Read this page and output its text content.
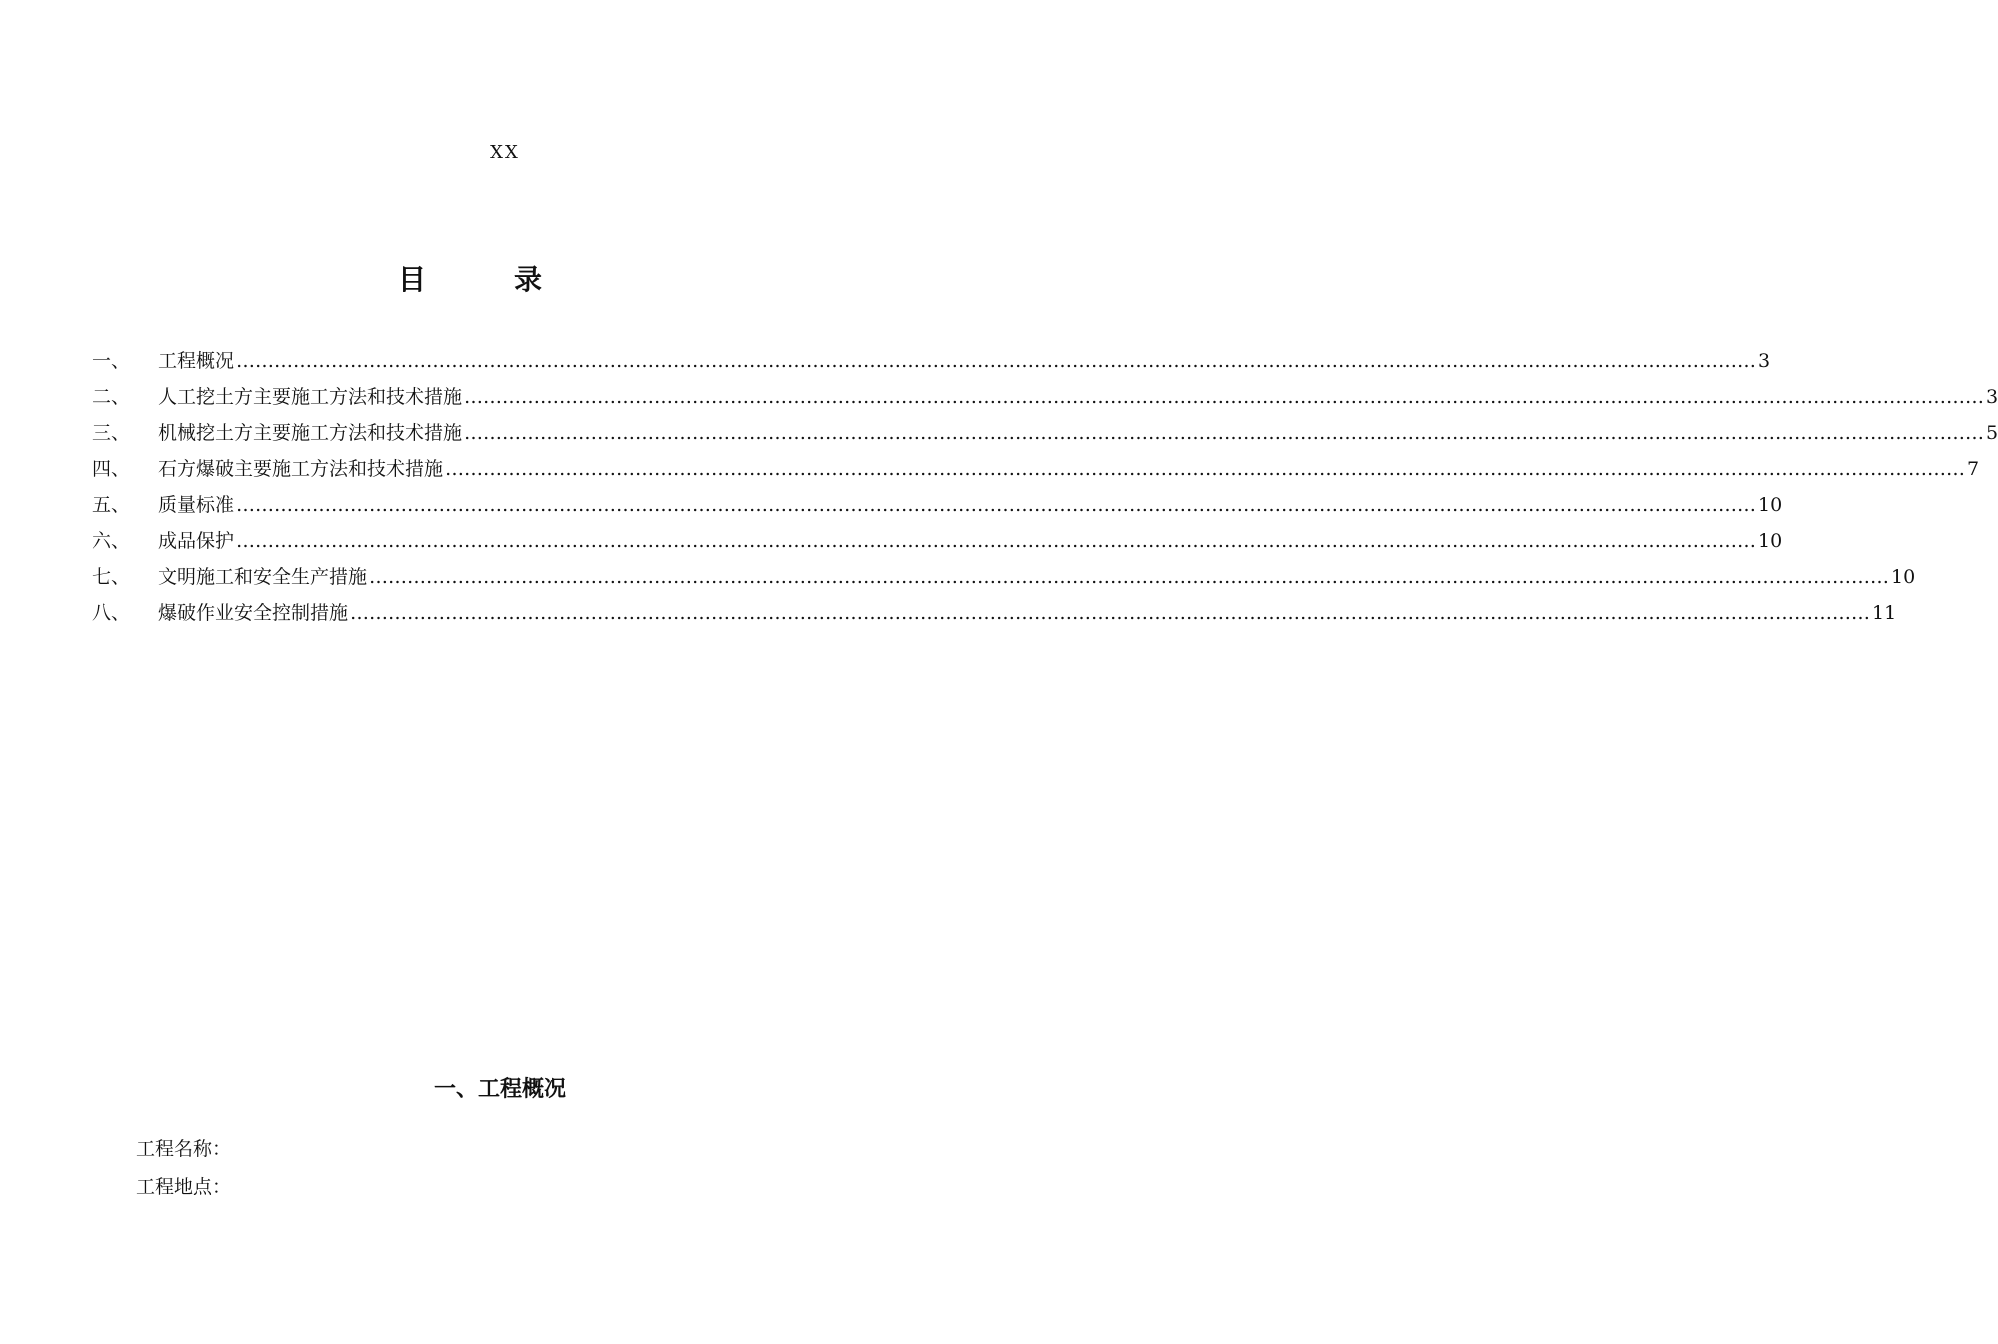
XX
目　录
一、	工程概况 …………………………………………………………………………………………………………………………………………………………………………………………………………………… 3
二、	人工挖土方主要施工方法和技术措施 …………………………………………………………………………………………………………………………………………………………………………………………………………………… 3
三、	机械挖土方主要施工方法和技术措施 …………………………………………………………………………………………………………………………………………………………………………………………………………………… 5
四、	石方爆破主要施工方法和技术措施 …………………………………………………………………………………………………………………………………………………………………………………………………………………… 7
五、	质量标准 …………………………………………………………………………………………………………………………………………………………………………………………………………………… 10
六、	成品保护 …………………………………………………………………………………………………………………………………………………………………………………………………………………… 10
七、	文明施工和安全生产措施 …………………………………………………………………………………………………………………………………………………………………………………………………………………… 10
八、	爆破作业安全控制措施 …………………………………………………………………………………………………………………………………………………………………………………………………………………… 11
一、工程概况
工程名称：
工程地点：
